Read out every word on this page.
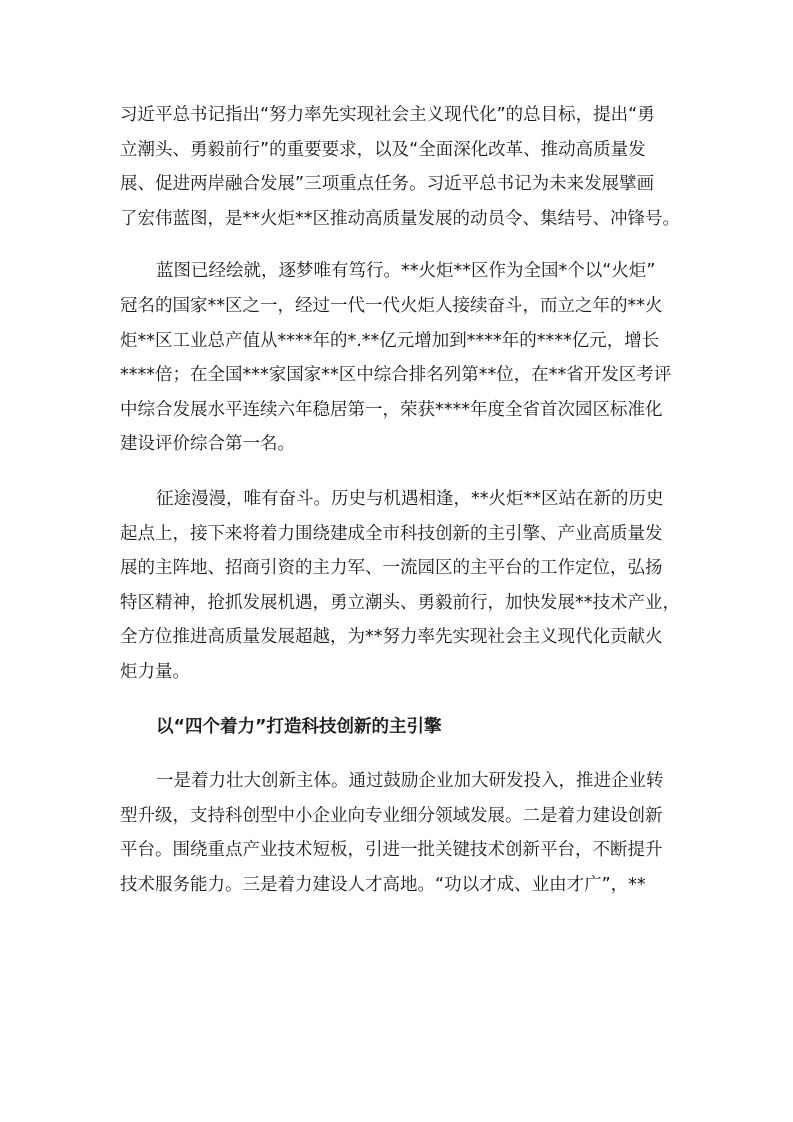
习近平总书记指出“努力率先实现社会主义现代化”的总目标，提出“勇
立潮头、勇毅前行”的重要要求，以及“全面深化改革、推动高质量发
展、促进两岸融合发展”三项重点任务。习近平总书记为未来发展擘画
了宏伟蓝图，是**火炬**区推动高质量发展的动员令、集结号、冲锋号。

蓝图已经绘就，逐梦唯有笃行。**火炬**区作为全国*个以“火炬”
冠名的国家**区之一，经过一代一代火炬人接续奋斗，而立之年的**火
炬**区工业总产值从****年的*.**亿元增加到****年的****亿元，增长
****倍；在全国***家国家**区中综合排名列第**位，在**省开发区考评
中综合发展水平连续六年稳居第一，荣获****年度全省首次园区标准化
建设评价综合第一名。

征途漫漫，唯有奋斗。历史与机遇相逢，**火炬**区站在新的历史
起点上，接下来将着力围绕建成全市科技创新的主引擎、产业高质量发
展的主阵地、招商引资的主力军、一流园区的主平台的工作定位，弘扬
特区精神，抢抓发展机遇，勇立潮头、勇毅前行，加快发展**技术产业，
全方位推进高质量发展超越，为**努力率先实现社会主义现代化贡献火
炬力量。

以“四个着力”打造科技创新的主引擎

一是着力壮大创新主体。通过鼓励企业加大研发投入，推进企业转
型升级，支持科创型中小企业向专业细分领域发展。二是着力建设创新
平台。围绕重点产业技术短板，引进一批关键技术创新平台，不断提升
技术服务能力。三是着力建设人才高地。“功以才成、业由才广”，**
